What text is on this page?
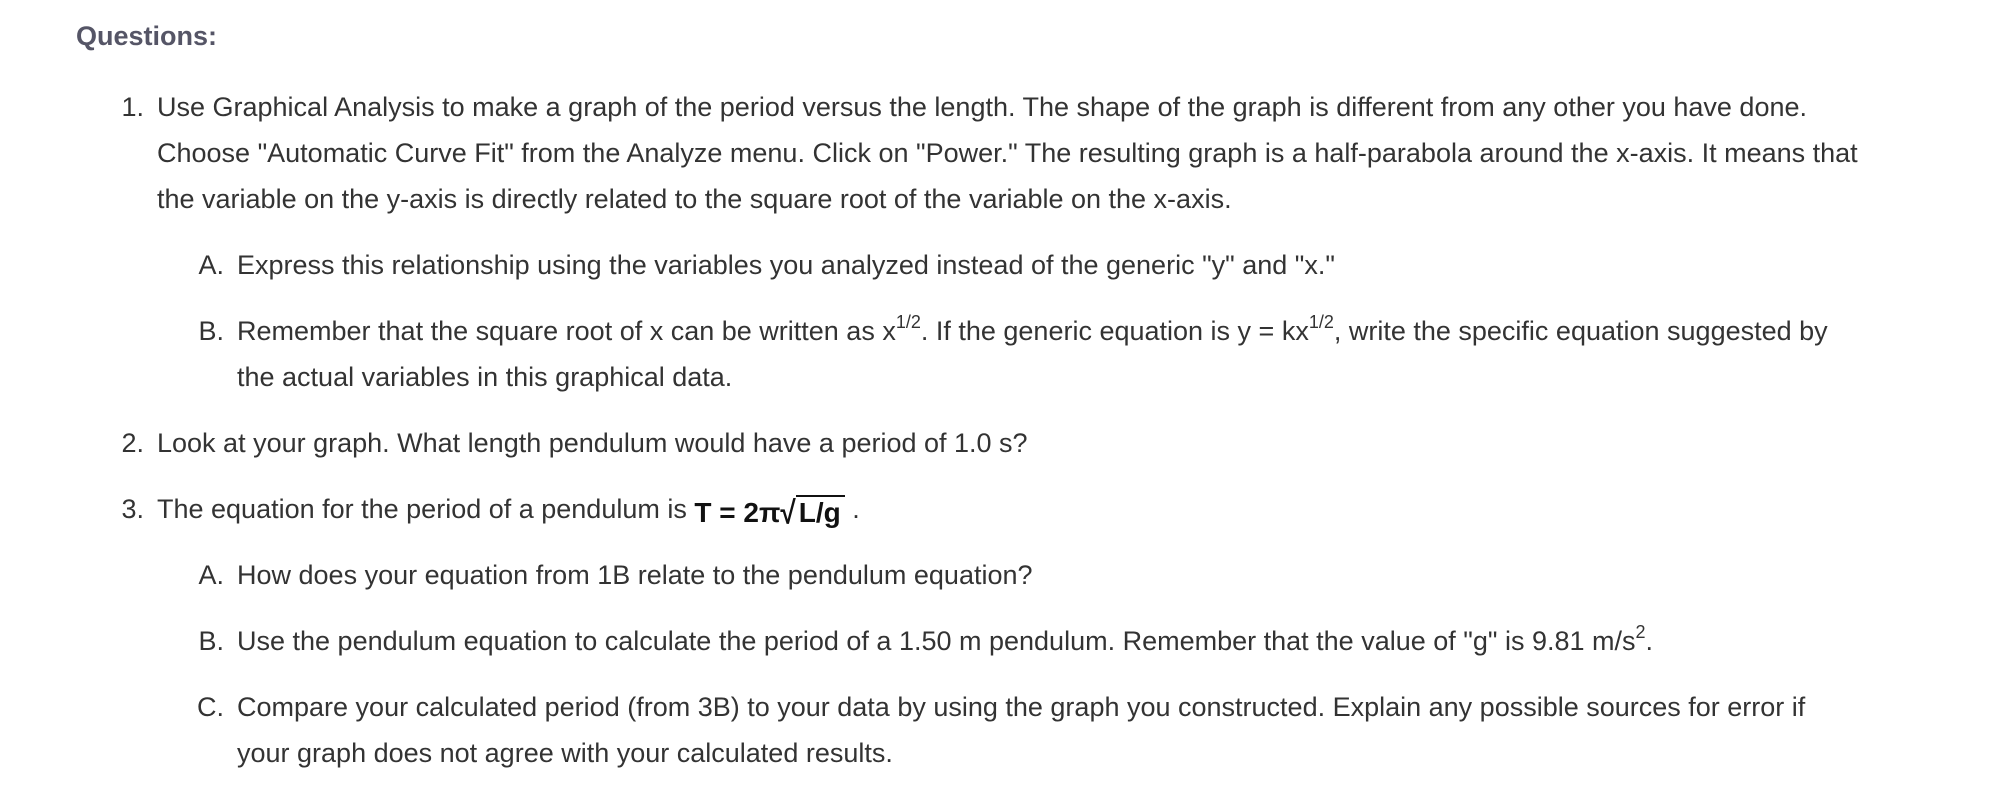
Questions:
1. Use Graphical Analysis to make a graph of the period versus the length. The shape of the graph is different from any other you have done.
Choose "Automatic Curve Fit" from the Analyze menu. Click on "Power." The resulting graph is a half-parabola around the x-axis. It means that
the variable on the y-axis is directly related to the square root of the variable on the x-axis.
A. Express this relationship using the variables you analyzed instead of the generic "y" and "x."
B. Remember that the square root of x can be written as $x^{1/2}$. If the generic equation is $y = kx^{1/2}$, write the specific equation suggested by
the actual variables in this graphical data.
2. Look at your graph. What length pendulum would have a period of 1.0 s?
3. The equation for the period of a pendulum is T = 2π√ L/g .
A. How does your equation from 1B relate to the pendulum equation?
B. Use the pendulum equation to calculate the period of a 1.50 m pendulum. Remember that the value of "g" is 9.81 $m/s^2$.
C. Compare your calculated period (from 3B) to your data by using the graph you constructed. Explain any possible sources for error if
your graph does not agree with your calculated results.
